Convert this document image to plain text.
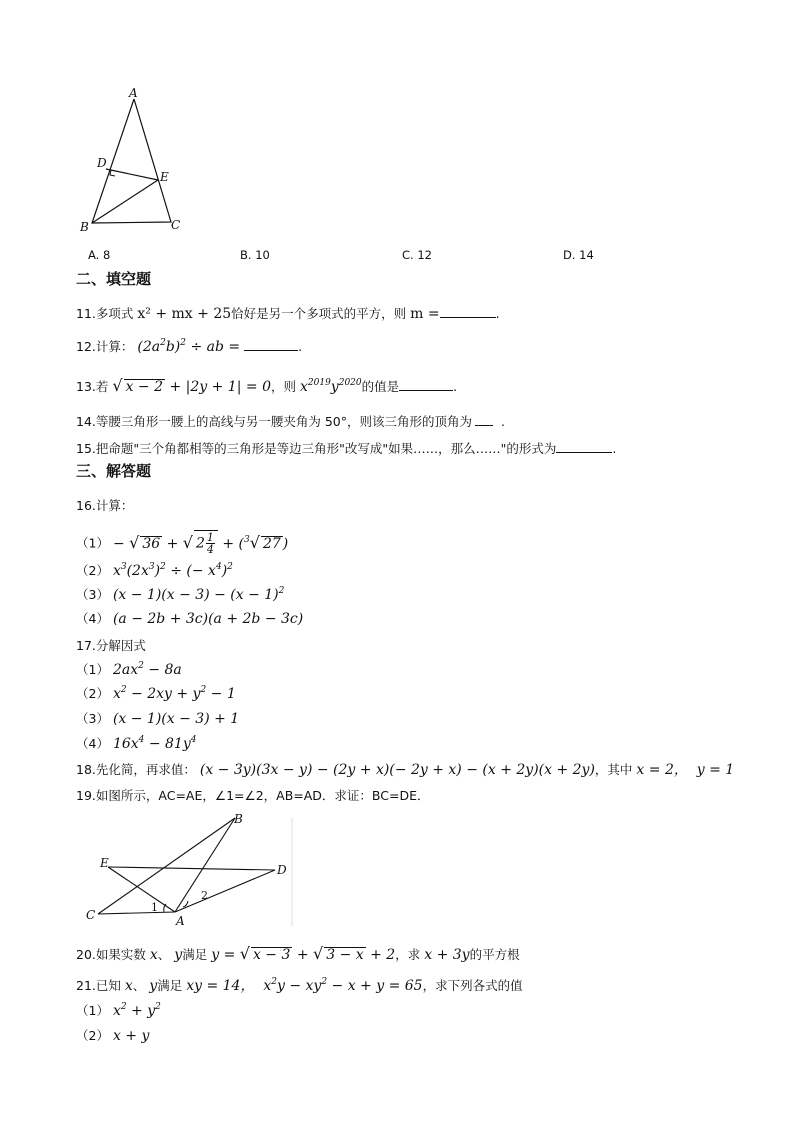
A
D
E
B	C
A. 8	B. 10	C. 12	D. 14
二、填空题
11.多项式 x² + mx + 25恰好是另一个多项式的平方，则 m =	.
12.计算： $(2a^2b)^2$ ÷ ab =	.
13.若 √ x − 2 + |2y + 1| = 0，则 $x^{2019}y^{2020}$的值是	.
14.等腰三角形一腰上的高线与另一腰夹角为 50°，则该三角形的顶角为 .
15.把命题"三个角都相等的三角形是等边三角形"改写成"如果……，那么……"的形式为	.
三、解答题
16.计算：
（1） − √ 36 + √ $2 \frac{1}{4} + (^3√$ 27 )
（2） $x^3(2x^3)^2$ ÷ (− $x^4)^2$
（3） $(x - 1)(x - 3) - (x - 1)^2$
（4） (a − 2b + 3c)(a + 2b − 3c)
17.分解因式
（1） $2ax^2 - 8a$
（2） $x^2 - 2xy + y^2 - 1$
（3） (x − 1)(x − 3) + 1
（4） $16x^4 - 81y^4$
18.先化简，再求值： (x − 3y)(3x − y) − (2y + x)(− 2y + x) − (x + 2y)(x + 2y)，其中 x = 2，  y = 1
19.如图所示，AC=AE，∠1=∠2，AB=AD．求证：BC=DE．
B
E	D
C	A
1
2
20.如果实数 x、 y满足 y = √ x − 3 + √ 3 − x + 2，求 x + 3y的平方根
21.已知 x、 y满足 xy = 14，  $x^2y - xy^2 - x + y = 65$，求下列各式的值
（1） $x^2 + y^2$
（2） x + y
